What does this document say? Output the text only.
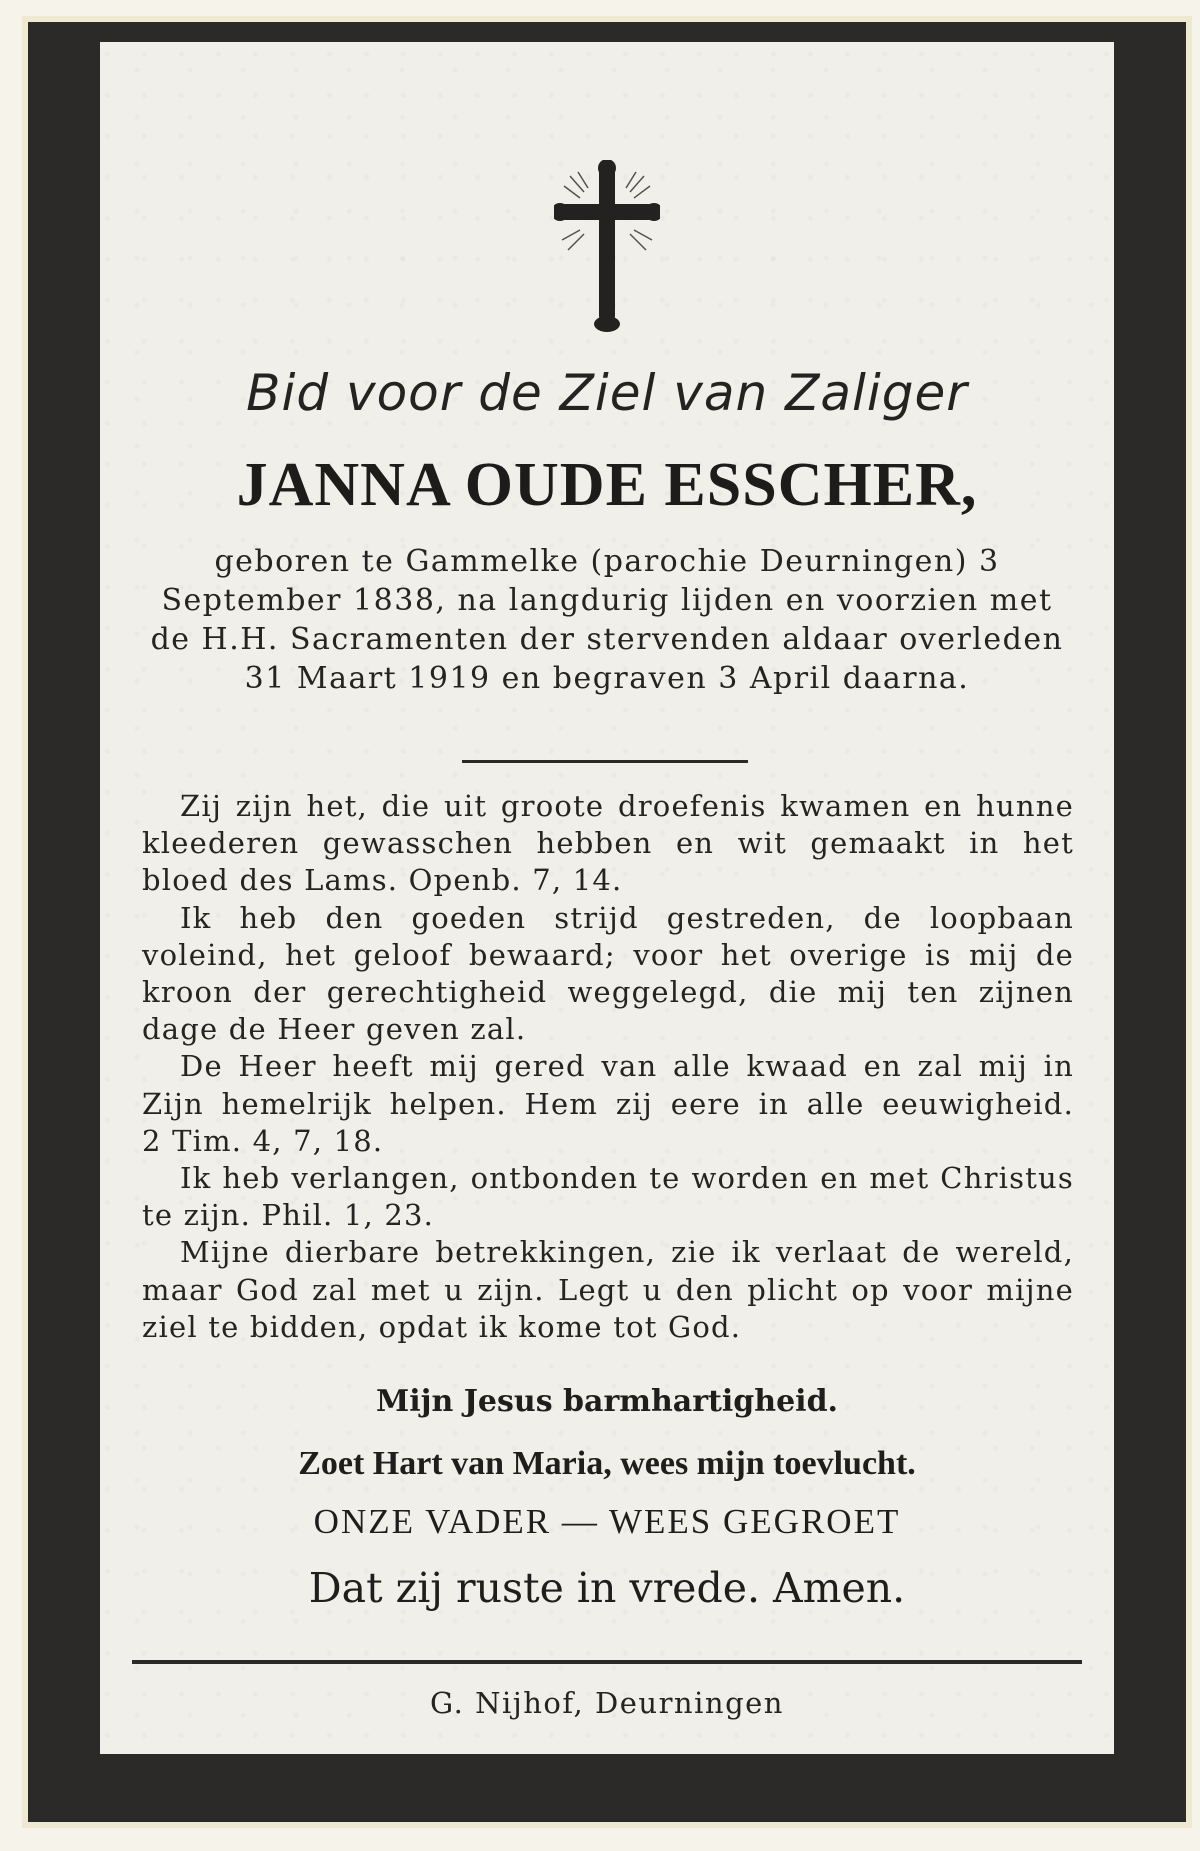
Bid voor de Ziel van Zaliger
JANNA OUDE ESSCHER,
geboren te Gammelke (parochie Deurningen) 3 September 1838, na langdurig lijden en voorzien met de H.H. Sacramenten der stervenden aldaar overleden 31 Maart 1919 en begraven 3 April daarna.

Zij zijn het, die uit groote droefenis kwamen en hunne kleederen gewasschen hebben en wit gemaakt in het bloed des Lams. Openb. 7, 14.

Ik heb den goeden strijd gestreden, de loopbaan voleind, het geloof bewaard; voor het overige is mij de kroon der gerechtigheid weggelegd, die mij ten zijnen dage de Heer geven zal.

De Heer heeft mij gered van alle kwaad en zal mij in Zijn hemelrijk helpen. Hem zij eere in alle eeuwigheid. 2 Tim. 4, 7, 18.

Ik heb verlangen, ontbonden te worden en met Christus te zijn. Phil. 1, 23.

Mijne dierbare betrekkingen, zie ik verlaat de wereld, maar God zal met u zijn. Legt u den plicht op voor mijne ziel te bidden, opdat ik kome tot God.

Mijn Jesus barmhartigheid.
Zoet Hart van Maria, wees mijn toevlucht.
ONZE VADER — WEES GEGROET
Dat zij ruste in vrede. Amen.
G. Nijhof, Deurningen
